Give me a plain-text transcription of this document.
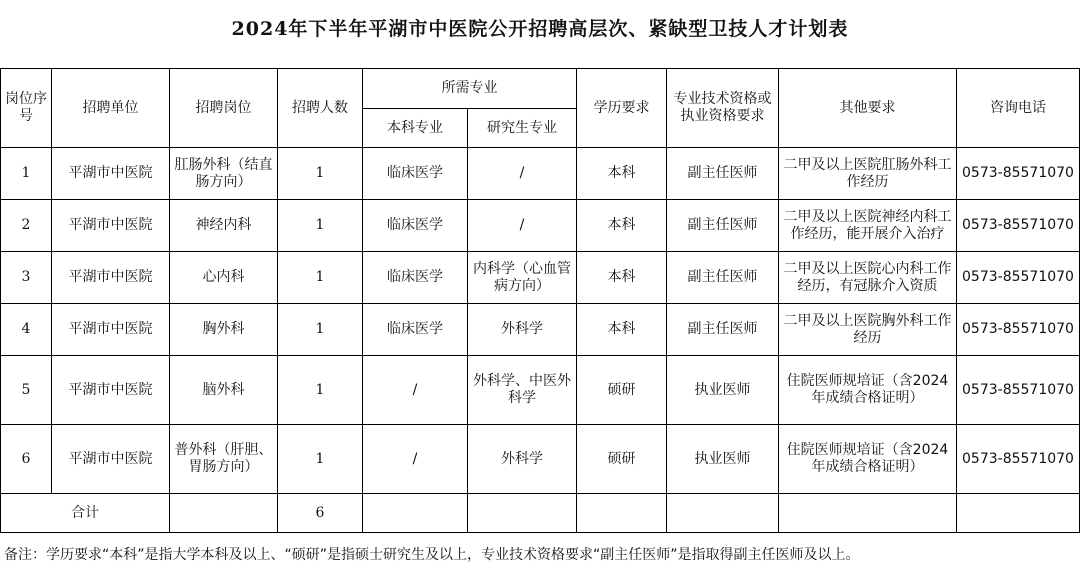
2024年下半年平湖市中医院公开招聘高层次、紧缺型卫技人才计划表
岗位序号	招聘单位	招聘岗位	招聘人数	所需专业		学历要求	专业技术资格或执业资格要求	其他要求	咨询电话
				本科专业	研究生专业				
1	平湖市中医院	肛肠外科（结直肠方向）	1	临床医学	/	本科	副主任医师	二甲及以上医院肛肠外科工作经历	0573-85571070
2	平湖市中医院	神经内科	1	临床医学	/	本科	副主任医师	二甲及以上医院神经内科工作经历，能开展介入治疗	0573-85571070
3	平湖市中医院	心内科	1	临床医学	内科学（心血管病方向）	本科	副主任医师	二甲及以上医院心内科工作经历，有冠脉介入资质	0573-85571070
4	平湖市中医院	胸外科	1	临床医学	外科学	本科	副主任医师	二甲及以上医院胸外科工作经历	0573-85571070
5	平湖市中医院	脑外科	1	/	外科学、中医外科学	硕研	执业医师	住院医师规培证（含2024年成绩合格证明）	0573-85571070
6	平湖市中医院	普外科（肝胆、胃肠方向）	1	/	外科学	硕研	执业医师	住院医师规培证（含2024年成绩合格证明）	0573-85571070
合计			6						
备注：学历要求“本科”是指大学本科及以上、“硕研”是指硕士研究生及以上，专业技术资格要求“副主任医师”是指取得副主任医师及以上。
